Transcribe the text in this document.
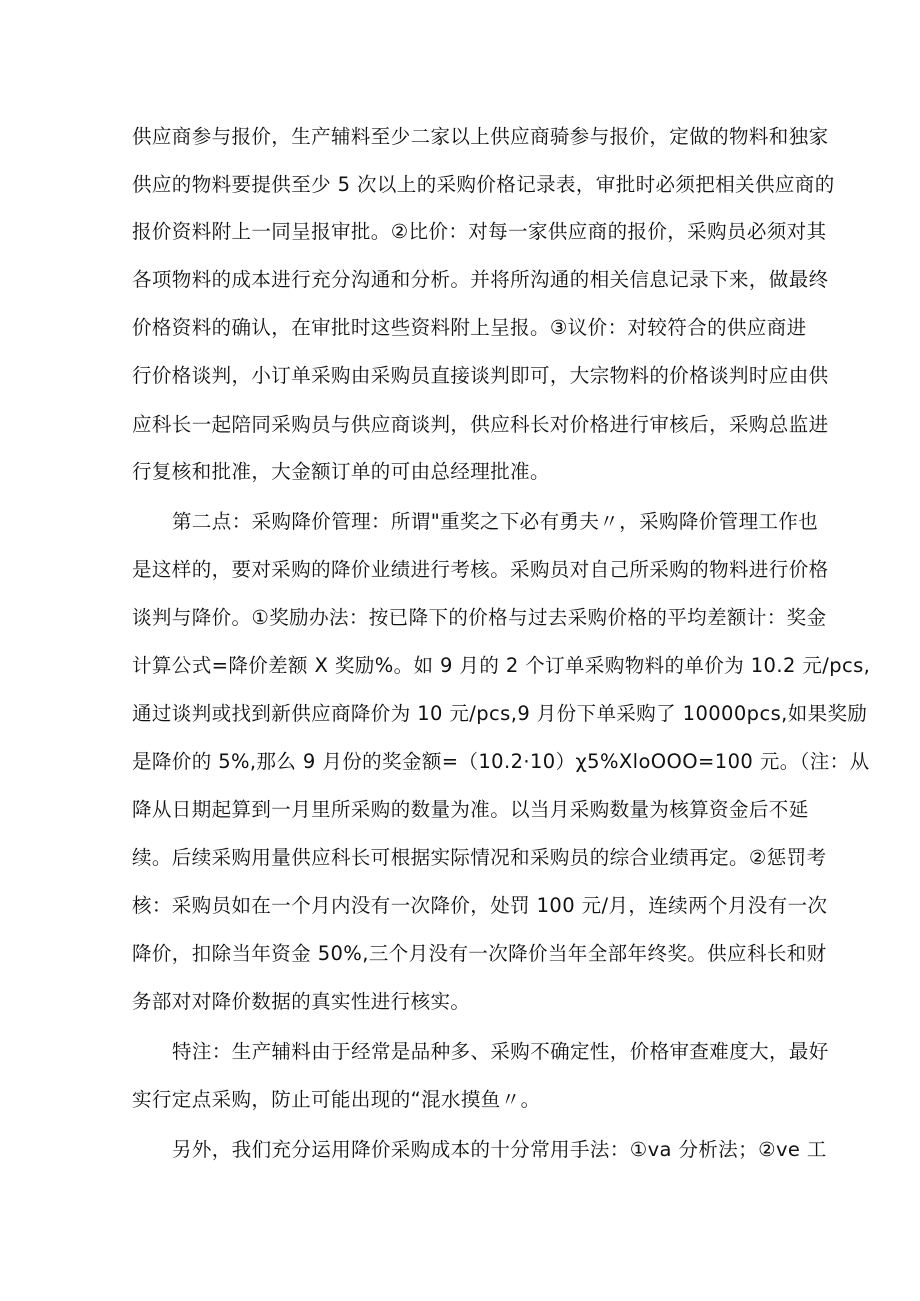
供应商参与报价，生产辅料至少二家以上供应商骑参与报价，定做的物料和独家
供应的物料要提供至少 5 次以上的采购价格记录表，审批时必须把相关供应商的
报价资料附上一同呈报审批。②比价：对每一家供应商的报价，采购员必须对其
各项物料的成本进行充分沟通和分析。并将所沟通的相关信息记录下来，做最终
价格资料的确认，在审批时这些资料附上呈报。③议价：对较符合的供应商进
行价格谈判，小订单采购由采购员直接谈判即可，大宗物料的价格谈判时应由供
应科长一起陪同采购员与供应商谈判，供应科长对价格进行审核后，采购总监进
行复核和批准，大金额订单的可由总经理批准。
第二点：采购降价管理：所谓"重奖之下必有勇夫〃，采购降价管理工作也
是这样的，要对采购的降价业绩进行考核。采购员对自己所采购的物料进行价格
谈判与降价。①奖励办法：按已降下的价格与过去采购价格的平均差额计：奖金
计算公式=降价差额 X 奖励%。如 9 月的 2 个订单采购物料的单价为 10.2 元/pcs,
通过谈判或找到新供应商降价为 10 元/pcs,9 月份下单采购了 10000pcs,如果奖励
是降价的 5%,那么 9 月份的奖金额=（10.2·10）χ5%XloOOO=100 元。（注：从
降从日期起算到一月里所采购的数量为准。以当月采购数量为核算资金后不延
续。后续采购用量供应科长可根据实际情况和采购员的综合业绩再定。②惩罚考
核：采购员如在一个月内没有一次降价，处罚 100 元/月，连续两个月没有一次
降价，扣除当年资金 50%,三个月没有一次降价当年全部年终奖。供应科长和财
务部对对降价数据的真实性进行核实。
特注：生产辅料由于经常是品种多、采购不确定性，价格审查难度大，最好
实行定点采购，防止可能出现的“混水摸鱼〃。
另外，我们充分运用降价采购成本的十分常用手法：①va 分析法；②ve 工
